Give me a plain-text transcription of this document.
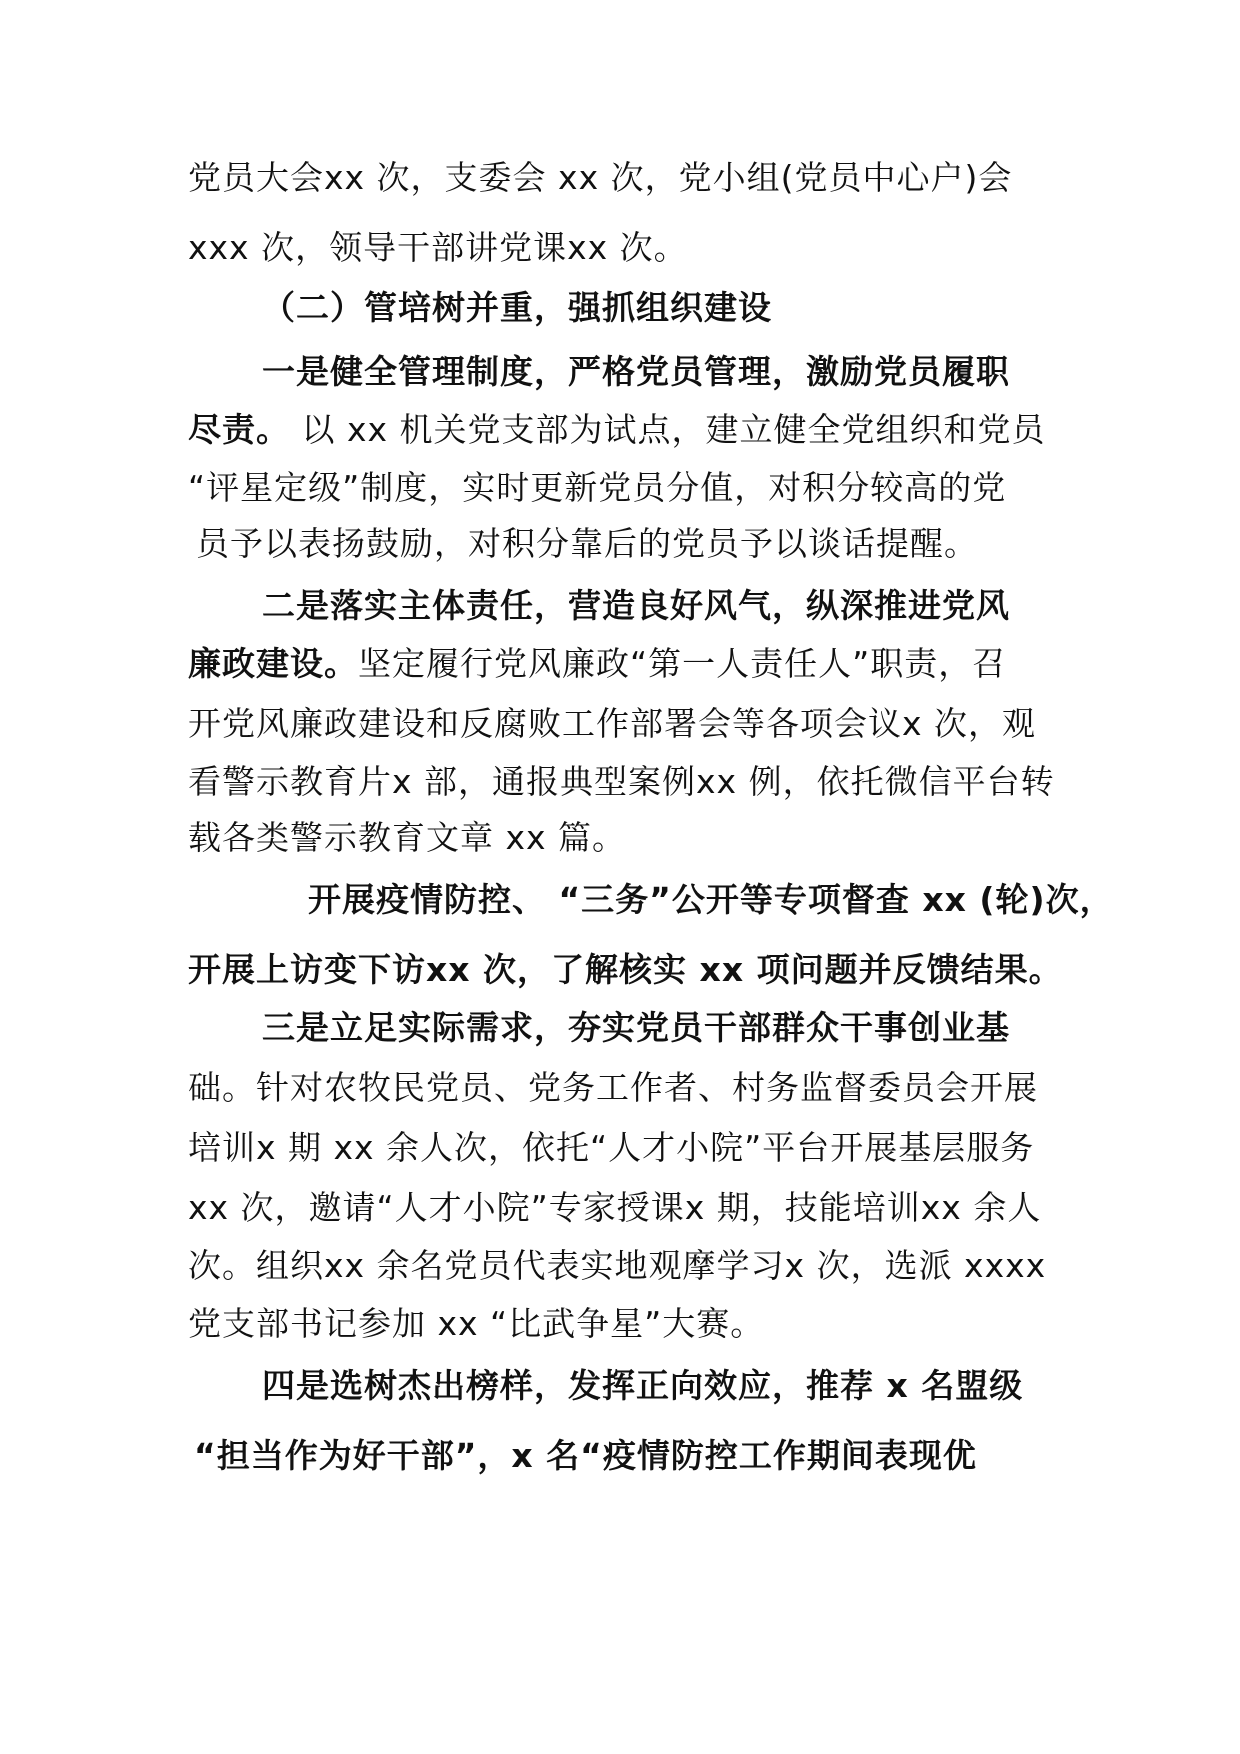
党员大会xx 次，支委会 xx 次，党小组(党员中心户)会
xxx 次，领导干部讲党课xx 次。
（二）管培树并重，强抓组织建设
一是健全管理制度，严格党员管理，激励党员履职
尽责。 以 xx 机关党支部为试点，建立健全党组织和党员
“评星定级”制度，实时更新党员分值，对积分较高的党
员予以表扬鼓励，对积分靠后的党员予以谈话提醒。
二是落实主体责任，营造良好风气，纵深推进党风
廉政建设。坚定履行党风廉政“第一人责任人”职责，召
开党风廉政建设和反腐败工作部署会等各项会议x 次，观
看警示教育片x 部，通报典型案例xx 例，依托微信平台转
载各类警示教育文章 xx 篇。
开展疫情防控、 “三务”公开等专项督查 xx (轮)次，
开展上访变下访xx 次，了解核实 xx 项问题并反馈结果。
三是立足实际需求，夯实党员干部群众干事创业基
础。针对农牧民党员、党务工作者、村务监督委员会开展
培训x 期 xx 余人次，依托“人才小院”平台开展基层服务
xx 次，邀请“人才小院”专家授课x 期，技能培训xx 余人
次。组织xx 余名党员代表实地观摩学习x 次，选派 xxxx
党支部书记参加 xx “比武争星”大赛。
四是选树杰出榜样，发挥正向效应，推荐 x 名盟级
“担当作为好干部”，x 名“疫情防控工作期间表现优
